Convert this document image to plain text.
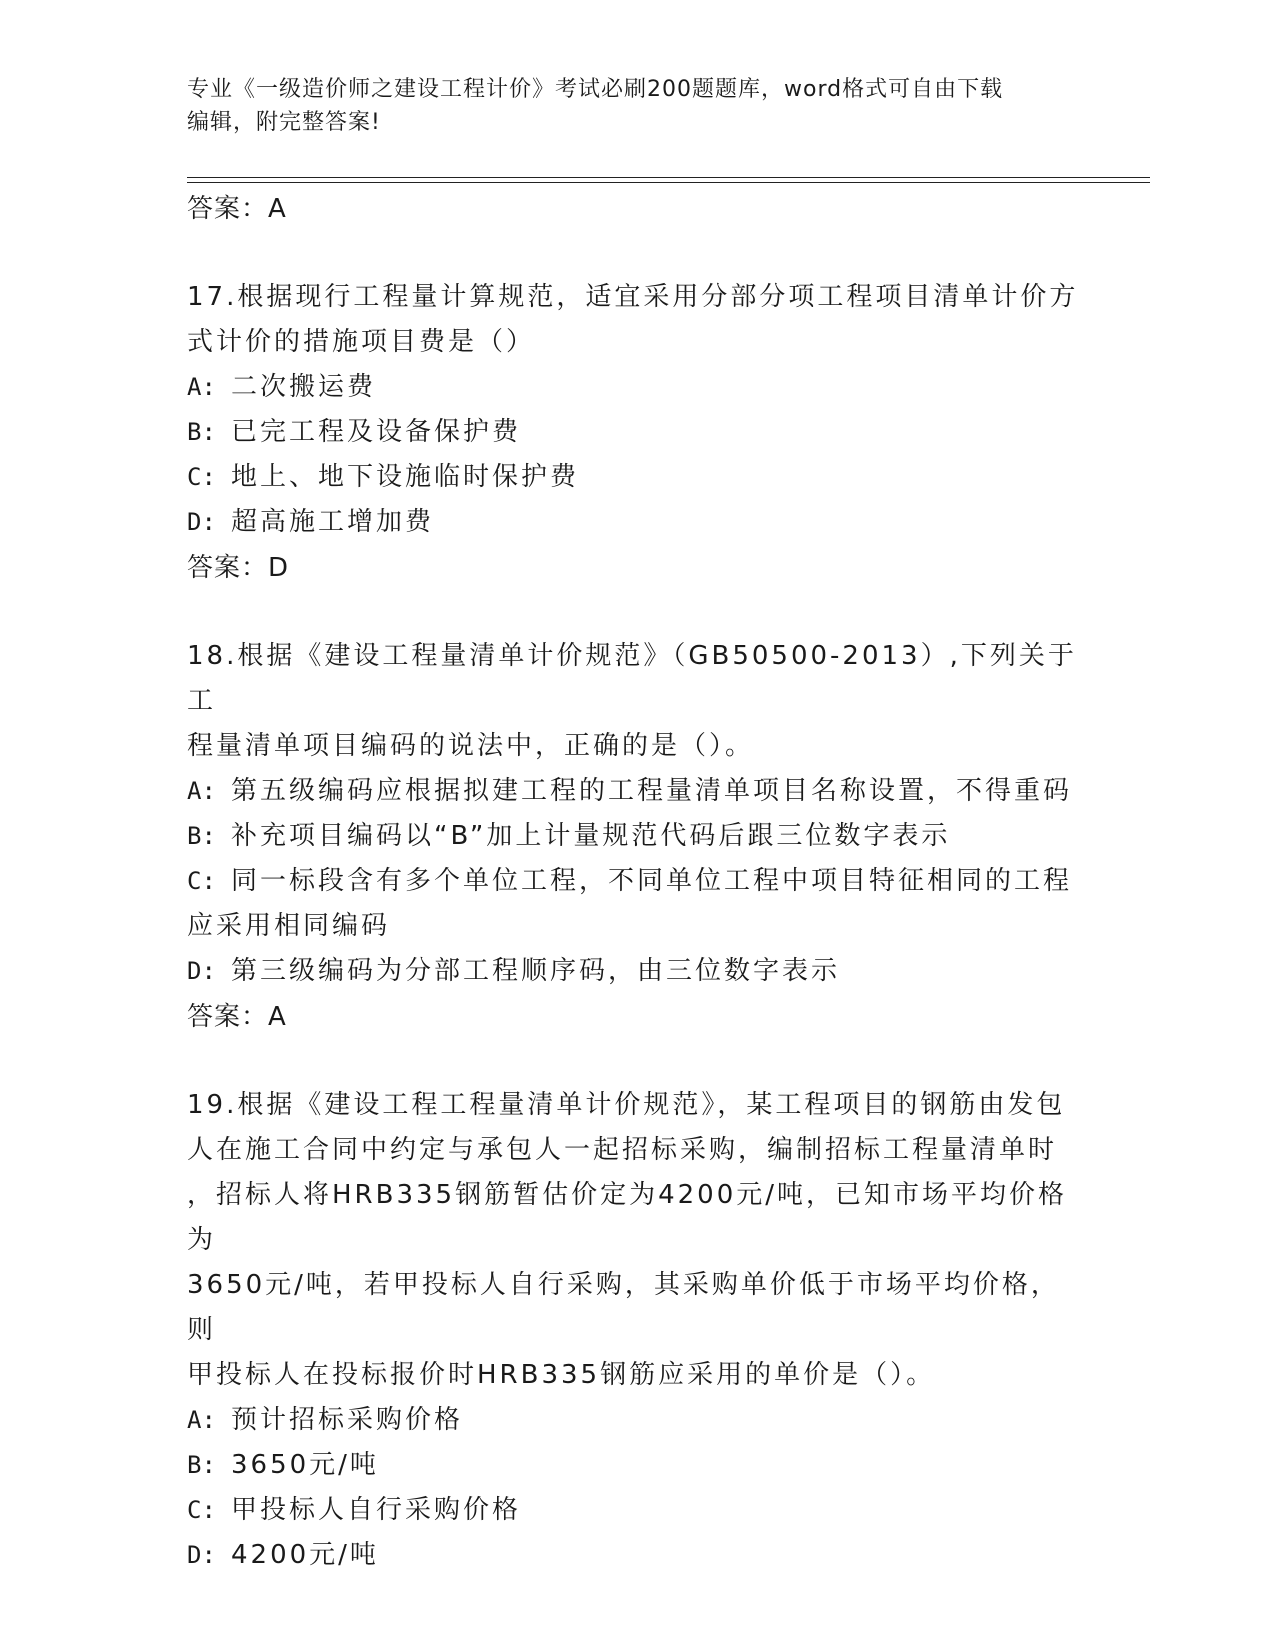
专业《一级造价师之建设工程计价》考试必刷200题题库，word格式可自由下载
编辑，附完整答案!
答案：A
17.根据现行工程量计算规范，适宜采用分部分项工程项目清单计价方
式计价的措施项目费是（）
A: 二次搬运费
B: 已完工程及设备保护费
C: 地上、地下设施临时保护费
D: 超高施工增加费
答案：D
18.根据《建设工程量清单计价规范》（GB50500-2013）,下列关于工
程量清单项目编码的说法中，正确的是（）。
A: 第五级编码应根据拟建工程的工程量清单项目名称设置，不得重码
B: 补充项目编码以“B”加上计量规范代码后跟三位数字表示
C: 同一标段含有多个单位工程，不同单位工程中项目特征相同的工程
应采用相同编码
D: 第三级编码为分部工程顺序码，由三位数字表示
答案：A
19.根据《建设工程工程量清单计价规范》，某工程项目的钢筋由发包
人在施工合同中约定与承包人一起招标采购，编制招标工程量清单时
，招标人将HRB335钢筋暂估价定为4200元/吨，已知市场平均价格为
3650元/吨，若甲投标人自行采购，其采购单价低于市场平均价格，则
甲投标人在投标报价时HRB335钢筋应采用的单价是（）。
A: 预计招标采购价格
B: 3650元/吨
C: 甲投标人自行采购价格
D: 4200元/吨
